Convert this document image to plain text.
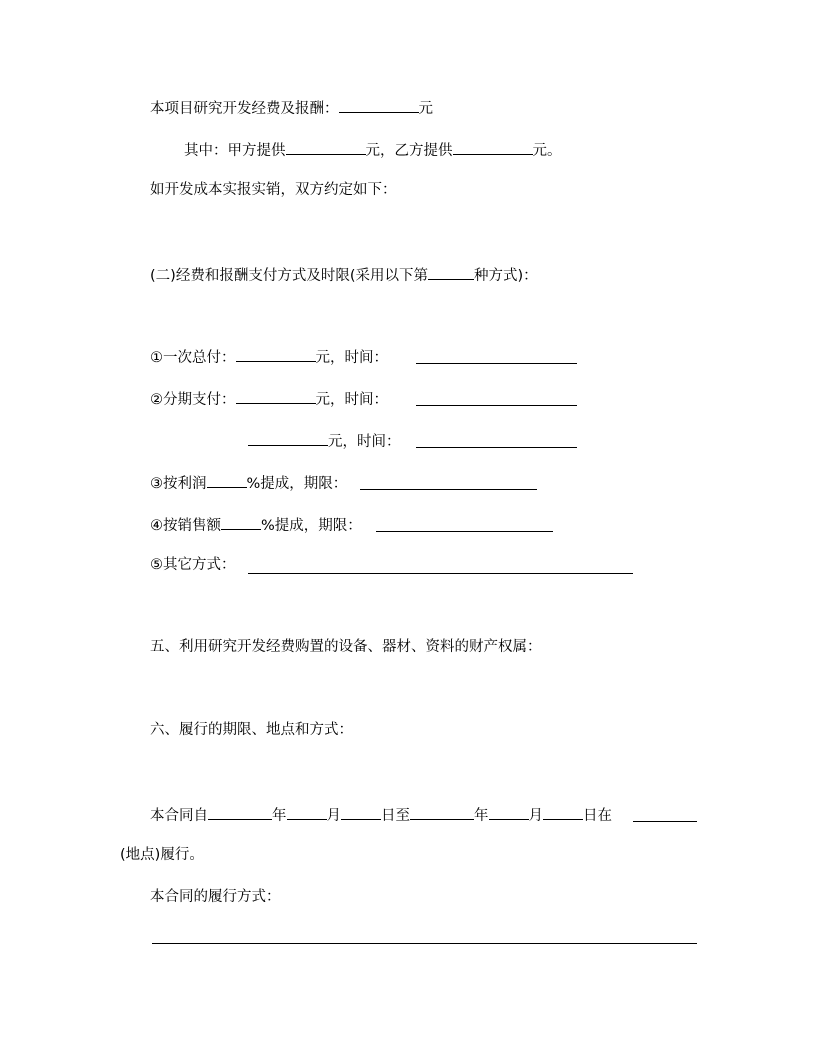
本项目研究开发经费及报酬：	元
其中：甲方提供	元，乙方提供	元。
如开发成本实报实销，双方约定如下：
(二)经费和报酬支付方式及时限(采用以下第	种方式)：
①一次总付：	元，时间：
②分期支付：	元，时间：
元，时间：
③按利润	%提成，期限：
④按销售额	%提成，期限：
⑤其它方式：
五、利用研究开发经费购置的设备、器材、资料的财产权属：
六、履行的期限、地点和方式：
本合同自	年	月	日至	年	月	日在
(地点)履行。
本合同的履行方式：
